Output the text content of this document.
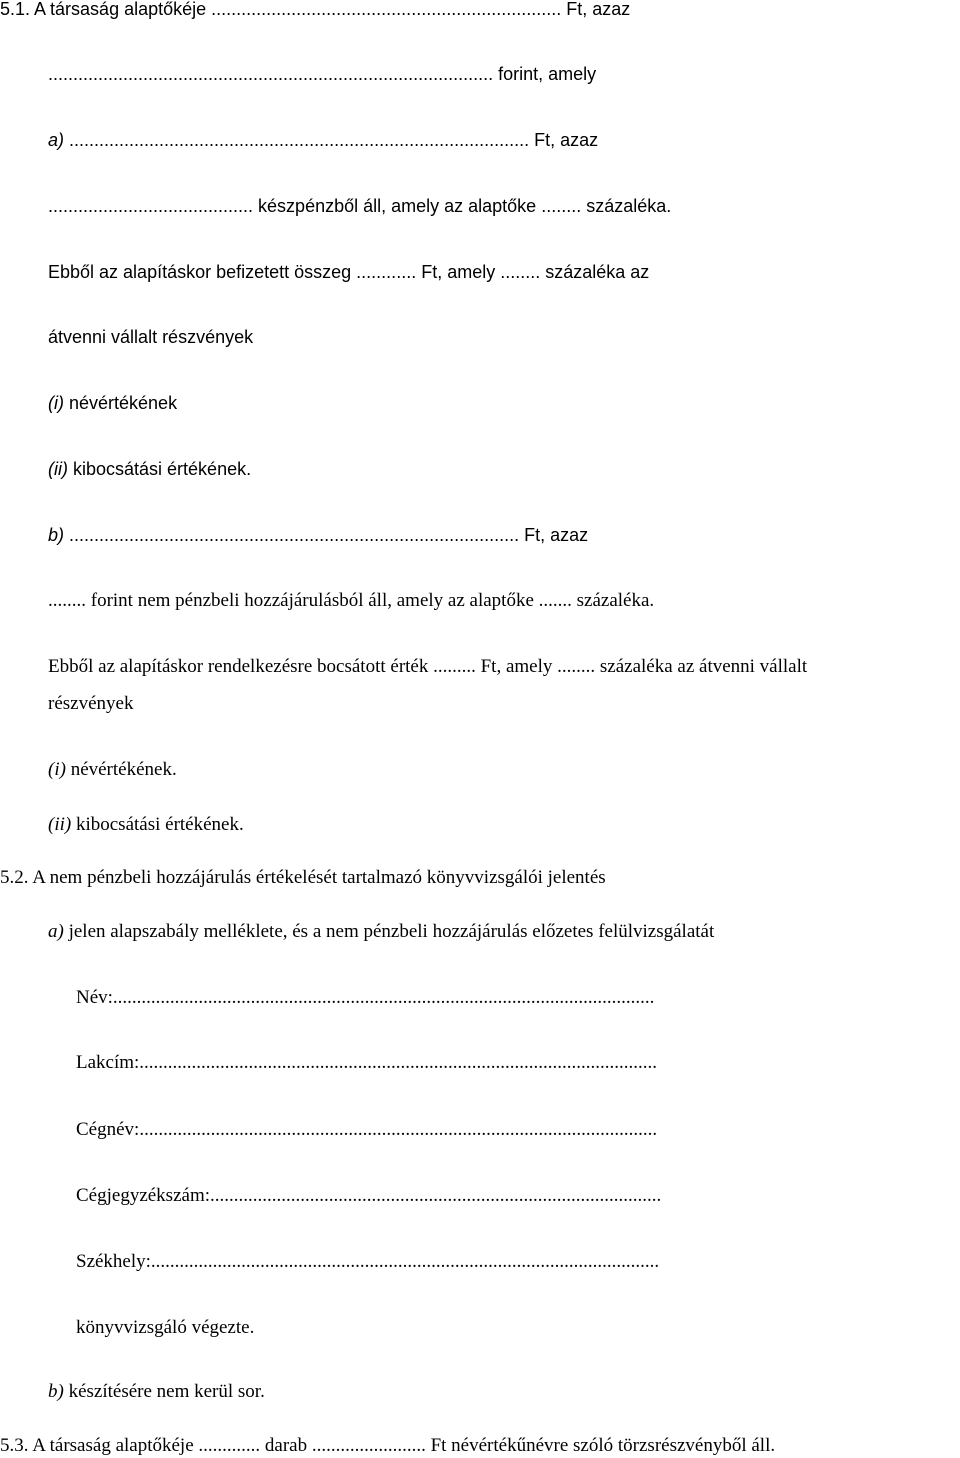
5.1. A társaság alaptőkéje ...................................................................... Ft, azaz
......................................................................................... forint, amely
a) ............................................................................................ Ft, azaz
......................................... készpénzből áll, amely az alaptőke ........ százaléka.
Ebből az alapításkor befizetett összeg ............ Ft, amely ........ százaléka az
átvenni vállalt részvények
(i) névértékének
(ii) kibocsátási értékének.
b) .......................................................................................... Ft, azaz
........ forint nem pénzbeli hozzájárulásból áll, amely az alaptőke ....... százaléka.
Ebből az alapításkor rendelkezésre bocsátott érték ......... Ft, amely ........ százaléka az átvenni vállalt
részvények
(i) névértékének.
(ii) kibocsátási értékének.
5.2. A nem pénzbeli hozzájárulás értékelését tartalmazó könyvvizsgálói jelentés
a) jelen alapszabály melléklete, és a nem pénzbeli hozzájárulás előzetes felülvizsgálatát
Név:..................................................................................................................
Lakcím:.............................................................................................................
Cégnév:.............................................................................................................
Cégjegyzékszám:...............................................................................................
Székhely:...........................................................................................................
könyvvizsgáló végezte.
b) készítésére nem kerül sor.
5.3. A társaság alaptőkéje ............. darab ........................ Ft névértékűnévre szóló törzsrészvényből áll.
